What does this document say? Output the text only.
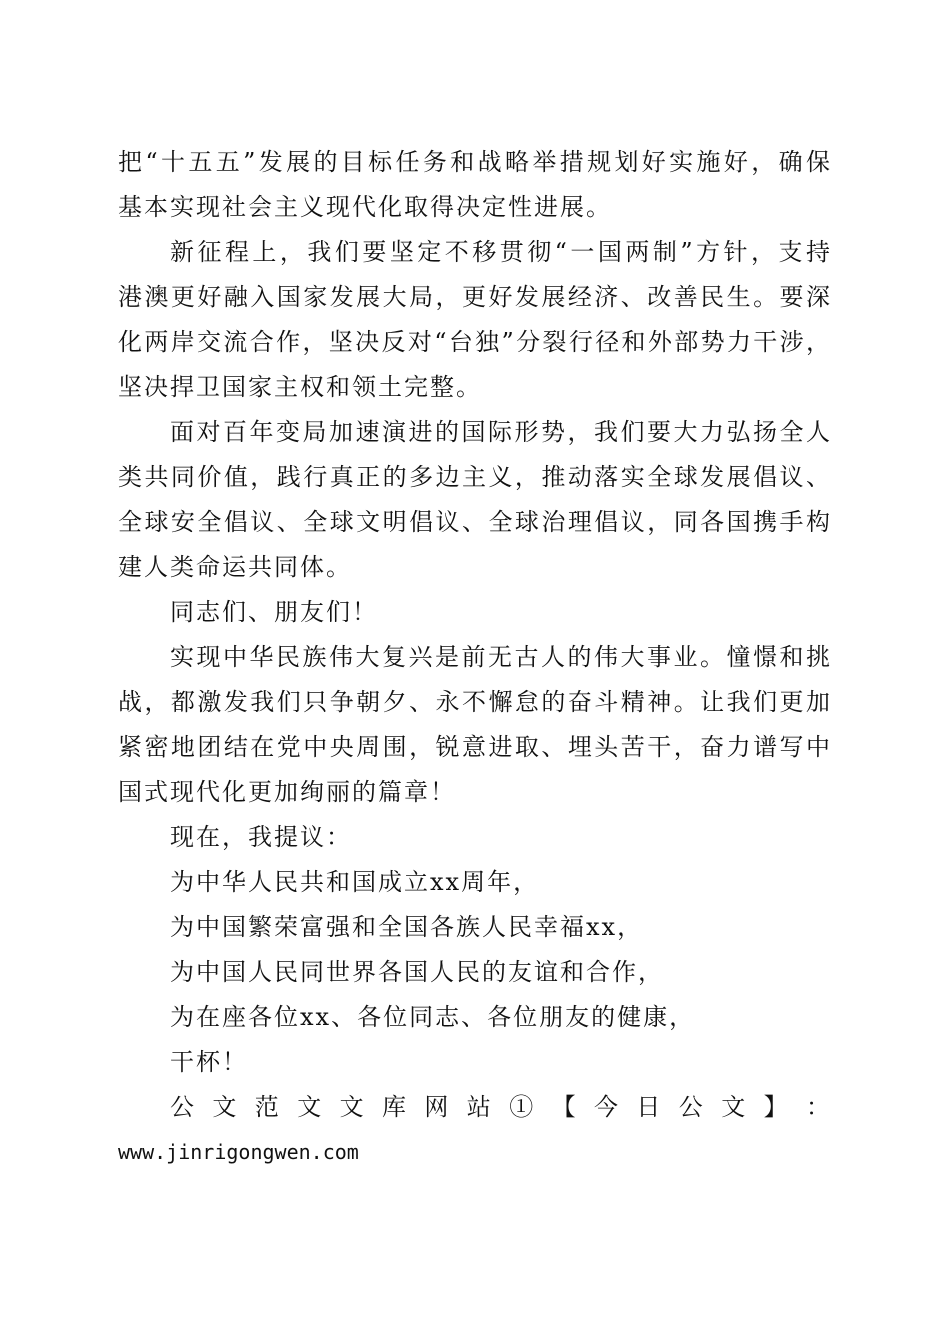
把“十五五”发展的目标任务和战略举措规划好实施好，确保
基本实现社会主义现代化取得决定性进展。
新征程上，我们要坚定不移贯彻“一国两制”方针，支持
港澳更好融入国家发展大局，更好发展经济、改善民生。要深
化两岸交流合作，坚决反对“台独”分裂行径和外部势力干涉，
坚决捍卫国家主权和领土完整。
面对百年变局加速演进的国际形势，我们要大力弘扬全人
类共同价值，践行真正的多边主义，推动落实全球发展倡议、
全球安全倡议、全球文明倡议、全球治理倡议，同各国携手构
建人类命运共同体。
同志们、朋友们！
实现中华民族伟大复兴是前无古人的伟大事业。憧憬和挑
战，都激发我们只争朝夕、永不懈怠的奋斗精神。让我们更加
紧密地团结在党中央周围，锐意进取、埋头苦干，奋力谱写中
国式现代化更加绚丽的篇章！
现在，我提议：
为中华人民共和国成立xx周年，
为中国繁荣富强和全国各族人民幸福xx，
为中国人民同世界各国人民的友谊和合作，
为在座各位xx、各位同志、各位朋友的健康，
干杯！
公 文 范 文 文 库 网 站 ① 【 今 日 公 文 】 ：
www.jinrigongwen.com
